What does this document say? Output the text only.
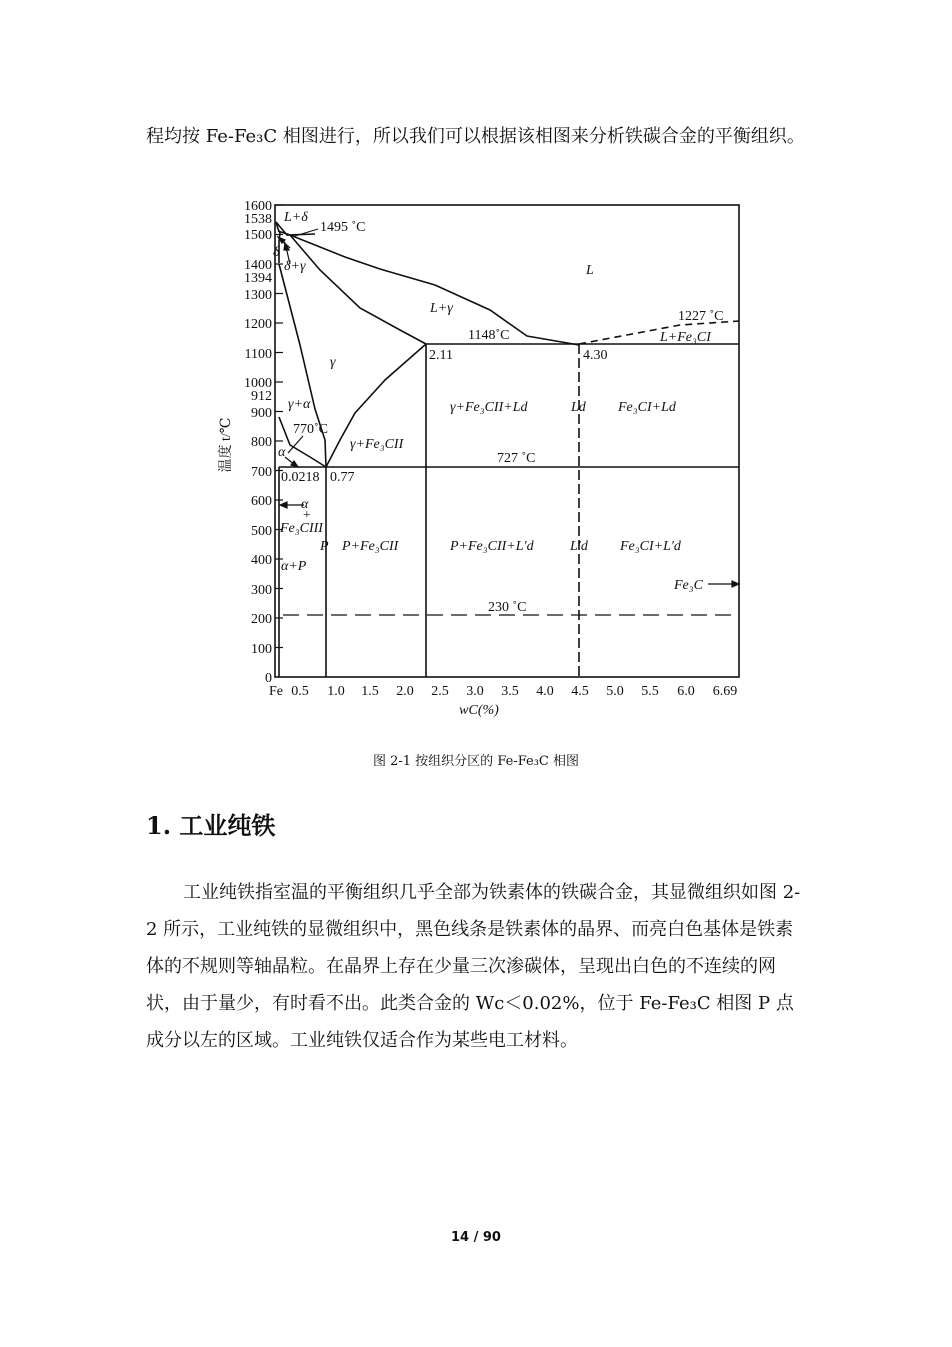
程均按 Fe-Fe₃C 相图进行，所以我们可以根据该相图来分析铁碳合金的平衡组织。

1600
1538
1500
1400
1394
1300
1200
1100
1000
912
900
800
700
600
500
400
300
200
100
0
温度 t/℃
Fe 0.5 1.0 1.5 2.0 2.5 3.0 3.5 4.0 4.5 5.0 5.5 6.0 6.69
wC(%)
1495 ˚C
1148˚C
1227 ˚C
770˚C
727 ˚C
230 ˚C
2.11	4.30
0.0218 0.77
L+δ
δ
δ+γ	L
L+γ
L+Fe₃CI
γ
γ+α
α
γ+Fe₃CII
γ+Fe₃CII+Ld	Ld Fe₃CI+Ld
α
+
Fe₃CIII
P P+Fe₃CII	P+Fe₃CII+L′d	L′d Fe₃CI+L′d
α+P
Fe₃C
图 2-1 按组织分区的 Fe-Fe₃C 相图
1. 工业纯铁

工业纯铁指室温的平衡组织几乎全部为铁素体的铁碳合金，其显微组织如图 2-2 所示，工业纯铁的显微组织中，黑色线条是铁素体的晶界、而亮白色基体是铁素体的不规则等轴晶粒。在晶界上存在少量三次渗碳体，呈现出白色的不连续的网状，由于量少，有时看不出。此类合金的 Wc＜0.02%，位于 Fe-Fe₃C 相图 P 点成分以左的区域。工业纯铁仅适合作为某些电工材料。

14 / 90
